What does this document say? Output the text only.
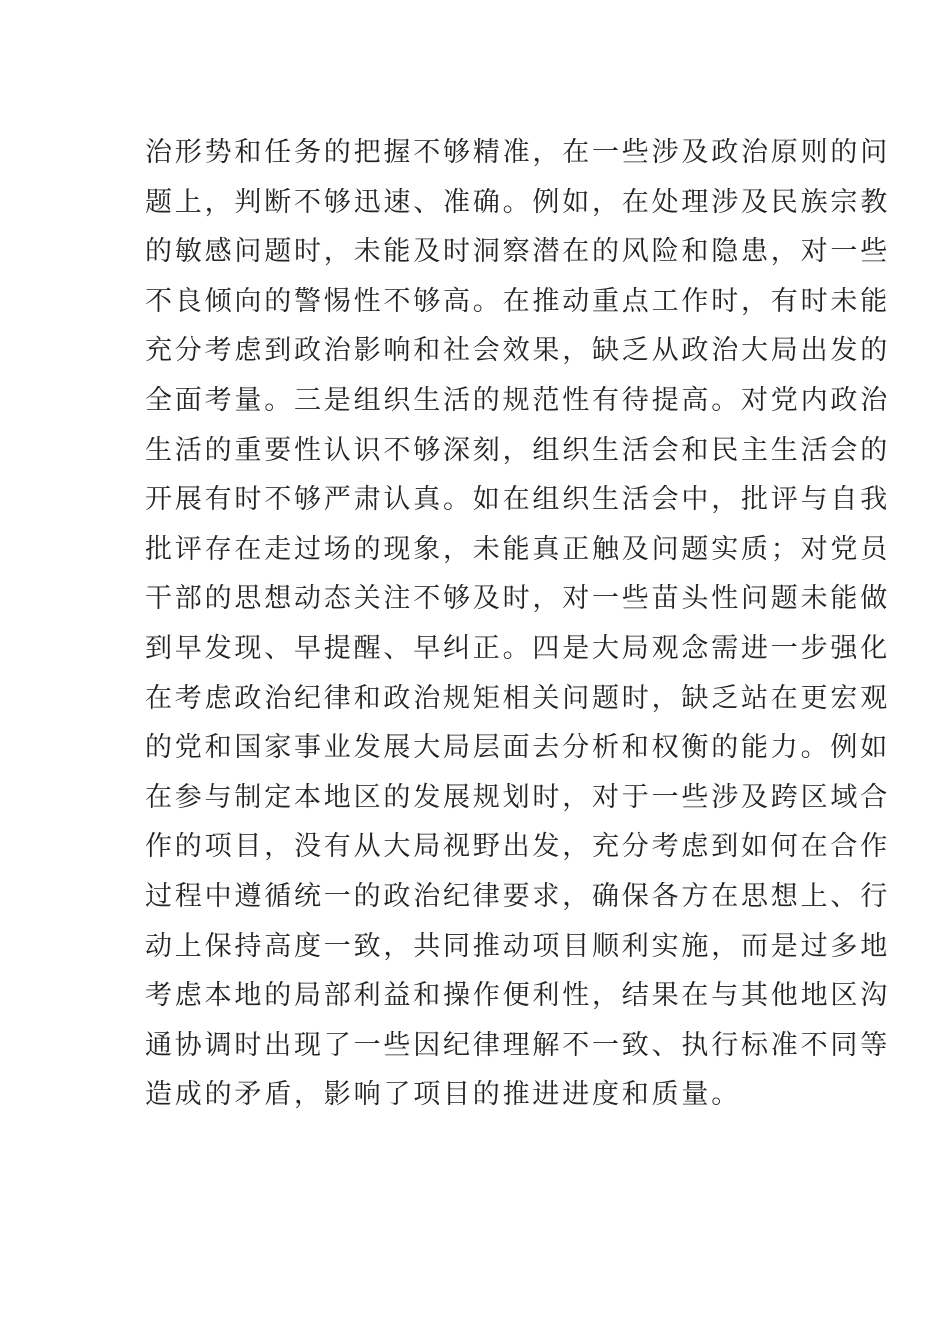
治形势和任务的把握不够精准，在一些涉及政治原则的问
题上，判断不够迅速、准确。例如，在处理涉及民族宗教
的敏感问题时，未能及时洞察潜在的风险和隐患，对一些
不良倾向的警惕性不够高。在推动重点工作时，有时未能
充分考虑到政治影响和社会效果，缺乏从政治大局出发的
全面考量。三是组织生活的规范性有待提高。对党内政治
生活的重要性认识不够深刻，组织生活会和民主生活会的
开展有时不够严肃认真。如在组织生活会中，批评与自我
批评存在走过场的现象，未能真正触及问题实质；对党员
干部的思想动态关注不够及时，对一些苗头性问题未能做
到早发现、早提醒、早纠正。四是大局观念需进一步强化
在考虑政治纪律和政治规矩相关问题时，缺乏站在更宏观
的党和国家事业发展大局层面去分析和权衡的能力。例如
在参与制定本地区的发展规划时，对于一些涉及跨区域合
作的项目，没有从大局视野出发，充分考虑到如何在合作
过程中遵循统一的政治纪律要求，确保各方在思想上、行
动上保持高度一致，共同推动项目顺利实施，而是过多地
考虑本地的局部利益和操作便利性，结果在与其他地区沟
通协调时出现了一些因纪律理解不一致、执行标准不同等
造成的矛盾，影响了项目的推进进度和质量。
